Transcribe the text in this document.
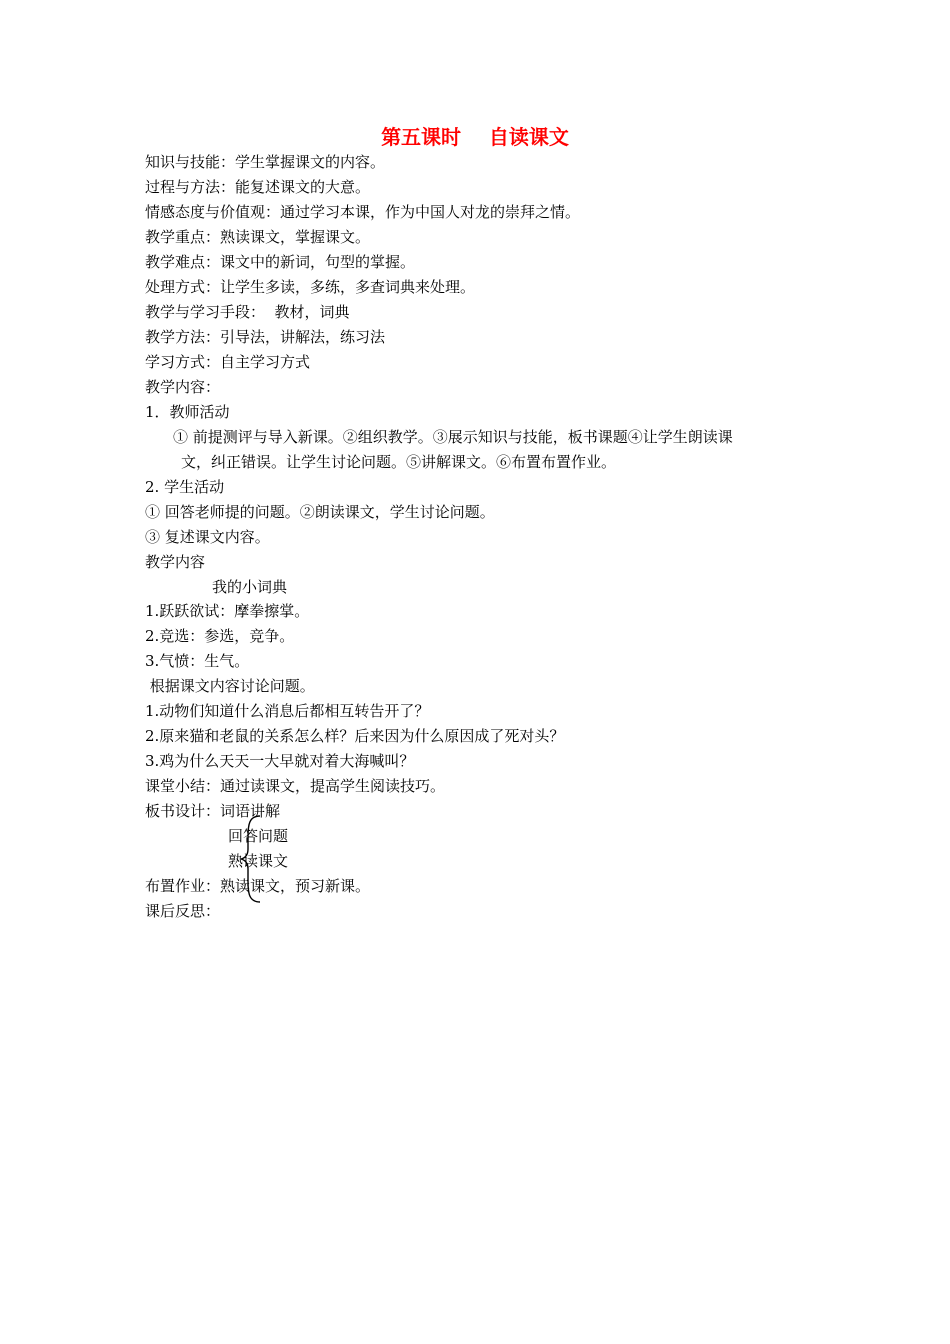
第五课时    自读课文
知识与技能：学生掌握课文的内容。
过程与方法：能复述课文的大意。
情感态度与价值观：通过学习本课，作为中国人对龙的崇拜之情。
教学重点：熟读课文，掌握课文。
教学难点：课文中的新词，句型的掌握。
处理方式：让学生多读，多练，多查词典来处理。
教学与学习手段：  教材，词典
教学方法：引导法，讲解法，练习法
学习方式：自主学习方式
教学内容：
1．教师活动
① 前提测评与导入新课。②组织教学。③展示知识与技能，板书课题④让学生朗读课
文，纠正错误。让学生讨论问题。⑤讲解课文。⑥布置布置作业。
2. 学生活动
① 回答老师提的问题。②朗读课文，学生讨论问题。
③ 复述课文内容。
教学内容
我的小词典
1.跃跃欲试：摩拳擦掌。
2.竞选：参选，竞争。
3.气愤：生气。
根据课文内容讨论问题。
1.动物们知道什么消息后都相互转告开了？
2.原来猫和老鼠的关系怎么样？后来因为什么原因成了死对头？
3.鸡为什么天天一大早就对着大海喊叫？
课堂小结：通过读课文，提高学生阅读技巧。
板书设计：词语讲解
回答问题
熟读课文
布置作业：熟读课文，预习新课。
课后反思：
